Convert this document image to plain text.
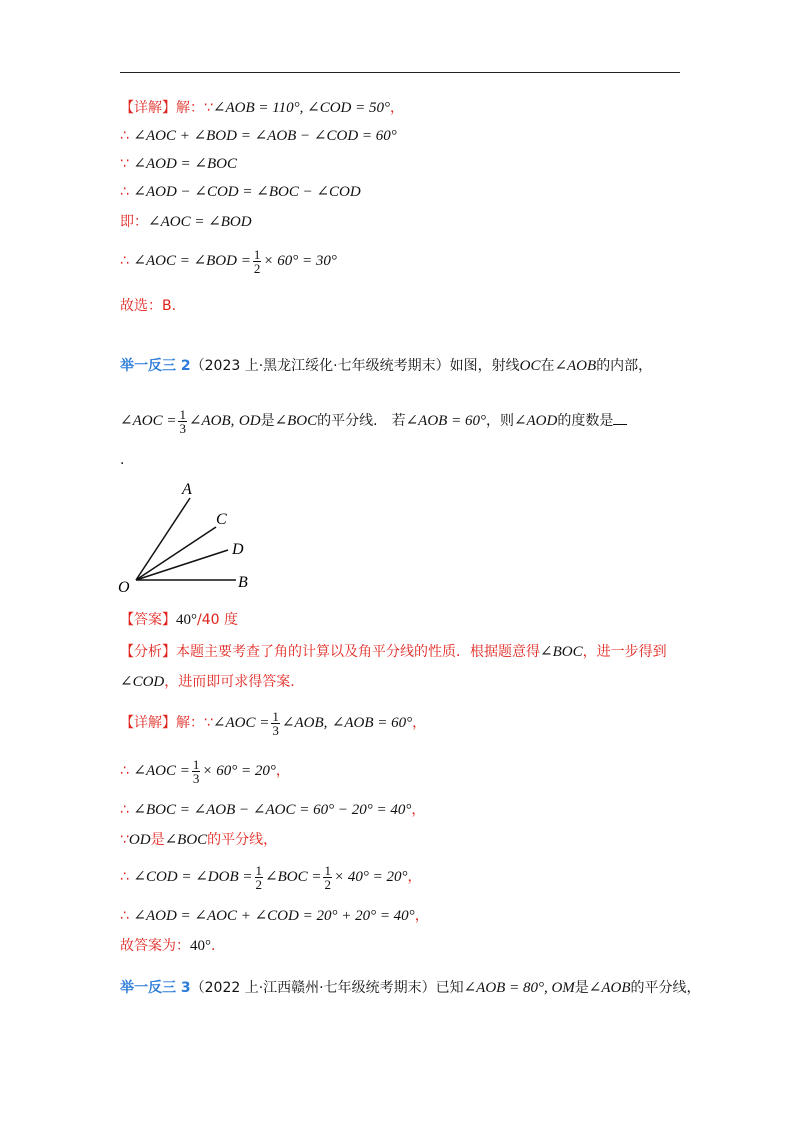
【详解】解：∵∠AOB = 110°, ∠COD = 50°，
∴ ∠AOC + ∠BOD = ∠AOB − ∠COD = 60°
∵ ∠AOD = ∠BOC
∴ ∠AOD − ∠COD = ∠BOC − ∠COD
即：∠AOC = ∠BOD
∴ ∠AOC = ∠BOD = $\frac{1}{2} \times 60^\circ = 30^\circ$
故选：B.
举一反三 2（2023 上·黑龙江绥化·七年级统考期末）如图，射线OC在∠AOB的内部，
∠AOC = $\frac{1}{3}$ ∠AOB, OD是∠BOC的平分线.　若∠AOB = 60°，则∠AOD的度数是
.
A
C
D
O	B
【答案】40°/40 度
【分析】本题主要考查了角的计算以及角平分线的性质．根据题意得∠BOC，进一步得到
∠COD，进而即可求得答案.
【详解】解：∵∠AOC = $\frac{1}{3}$ ∠AOB, ∠AOB = 60°，
∴ ∠AOC = $\frac{1}{3} \times 60^\circ = 20^\circ$，
∴ ∠BOC = ∠AOB − ∠AOC = 60° − 20° = 40°，
∵OD是∠BOC的平分线，
∴ ∠COD = ∠DOB = $\frac{1}{2}$ ∠BOC = $\frac{1}{2} \times 40^\circ = 20^\circ$，
∴ ∠AOD = ∠AOC + ∠COD = 20° + 20° = 40°，
故答案为：40°.
举一反三 3（2022 上·江西赣州·七年级统考期末）已知∠AOB = 80°, OM是∠AOB的平分线，
